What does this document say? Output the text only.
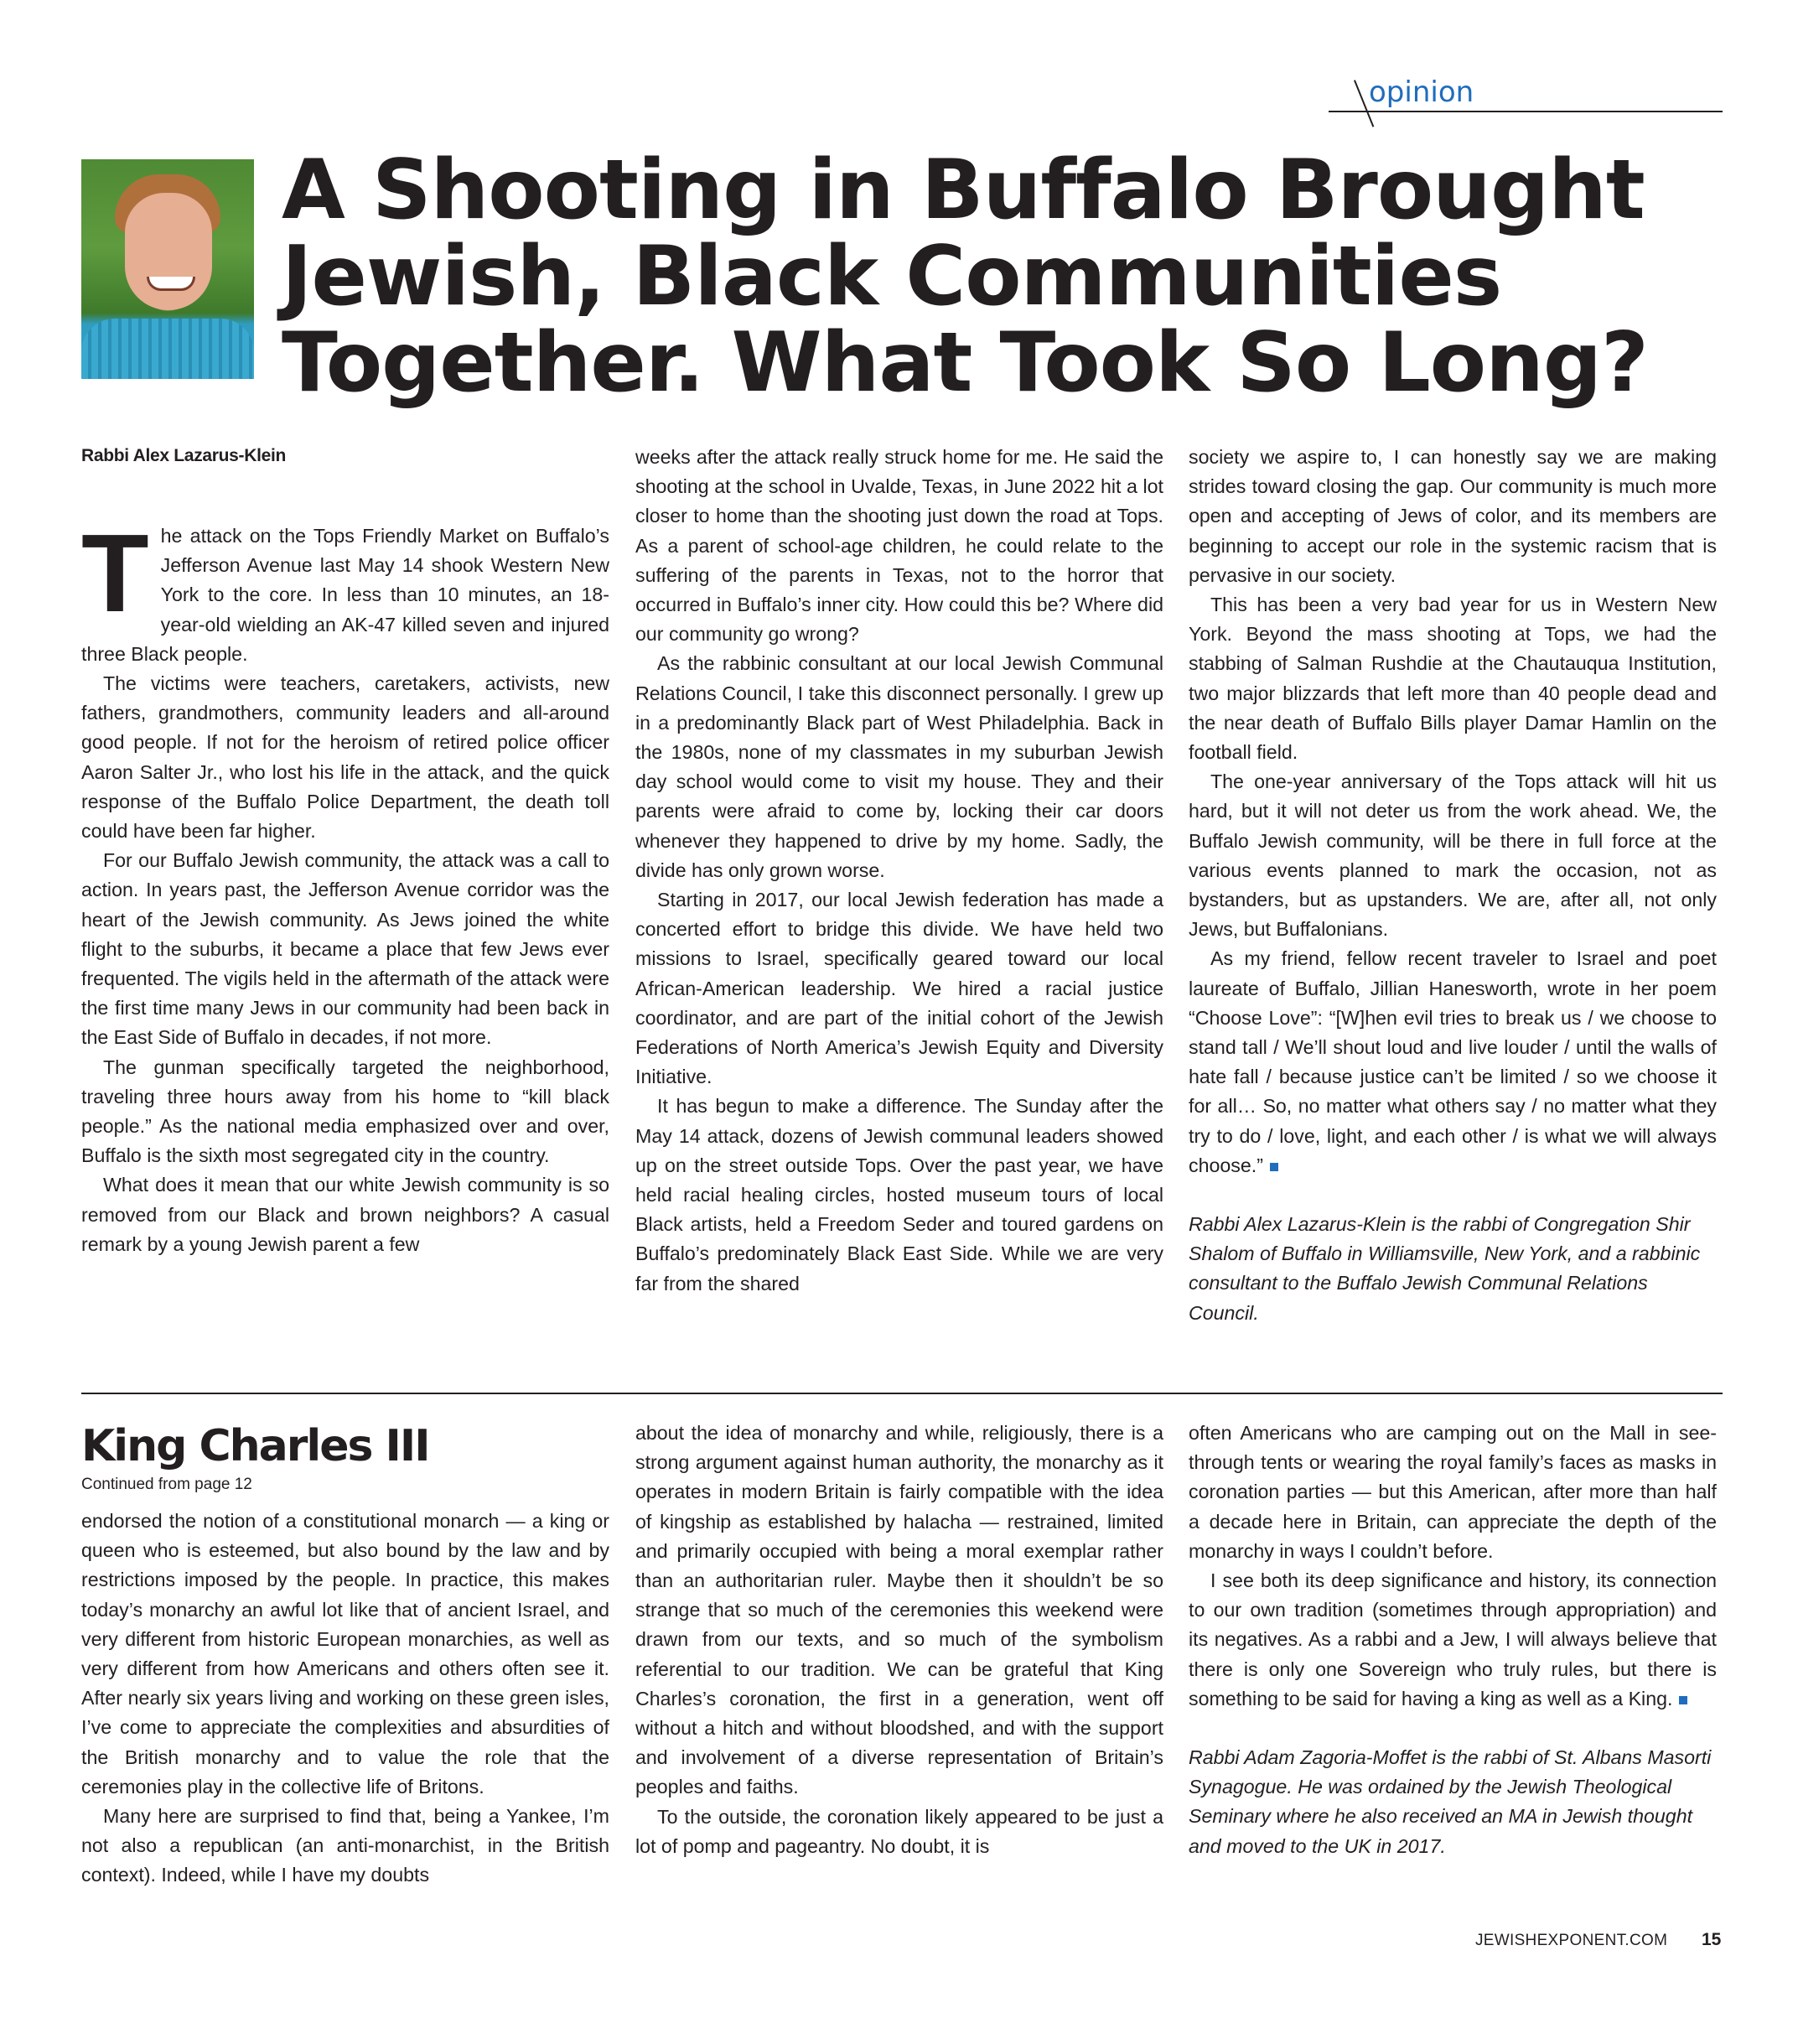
opinion
A Shooting in Buffalo Brought Jewish, Black Communities Together. What Took So Long?
Rabbi Alex Lazarus-Klein

The attack on the Tops Friendly Market on Buffalo’s Jefferson Avenue last May 14 shook Western New York to the core. In less than 10 minutes, an 18-year-old wielding an AK-47 killed seven and injured three Black people.

The victims were teachers, caretakers, activists, new fathers, grandmothers, community leaders and all-around good people. If not for the heroism of retired police officer Aaron Salter Jr., who lost his life in the attack, and the quick response of the Buffalo Police Department, the death toll could have been far higher.

For our Buffalo Jewish community, the attack was a call to action. In years past, the Jefferson Avenue corridor was the heart of the Jewish community. As Jews joined the white flight to the suburbs, it became a place that few Jews ever frequented. The vigils held in the aftermath of the attack were the first time many Jews in our community had been back in the East Side of Buffalo in decades, if not more.

The gunman specifically targeted the neighborhood, traveling three hours away from his home to “kill black people.” As the national media emphasized over and over, Buffalo is the sixth most segregated city in the country.

What does it mean that our white Jewish community is so removed from our Black and brown neighbors? A casual remark by a young Jewish parent a few

weeks after the attack really struck home for me. He said the shooting at the school in Uvalde, Texas, in June 2022 hit a lot closer to home than the shooting just down the road at Tops. As a parent of school-age children, he could relate to the suffering of the parents in Texas, not to the horror that occurred in Buffalo’s inner city. How could this be? Where did our community go wrong?

As the rabbinic consultant at our local Jewish Communal Relations Council, I take this disconnect personally. I grew up in a predominantly Black part of West Philadelphia. Back in the 1980s, none of my classmates in my suburban Jewish day school would come to visit my house. They and their parents were afraid to come by, locking their car doors whenever they happened to drive by my home. Sadly, the divide has only grown worse.

Starting in 2017, our local Jewish federation has made a concerted effort to bridge this divide. We have held two missions to Israel, specifically geared toward our local African-American leadership. We hired a racial justice coordinator, and are part of the initial cohort of the Jewish Federations of North America’s Jewish Equity and Diversity Initiative.

It has begun to make a difference. The Sunday after the May 14 attack, dozens of Jewish communal leaders showed up on the street outside Tops. Over the past year, we have held racial healing circles, hosted museum tours of local Black artists, held a Freedom Seder and toured gardens on Buffalo’s predominately Black East Side. While we are very far from the shared

society we aspire to, I can honestly say we are making strides toward closing the gap. Our community is much more open and accepting of Jews of color, and its members are beginning to accept our role in the systemic racism that is pervasive in our society.

This has been a very bad year for us in Western New York. Beyond the mass shooting at Tops, we had the stabbing of Salman Rushdie at the Chautauqua Institution, two major blizzards that left more than 40 people dead and the near death of Buffalo Bills player Damar Hamlin on the football field.

The one-year anniversary of the Tops attack will hit us hard, but it will not deter us from the work ahead. We, the Buffalo Jewish community, will be there in full force at the various events planned to mark the occasion, not as bystanders, but as upstanders. We are, after all, not only Jews, but Buffalonians.

As my friend, fellow recent traveler to Israel and poet laureate of Buffalo, Jillian Hanesworth, wrote in her poem “Choose Love”: “[W]hen evil tries to break us / we choose to stand tall / We’ll shout loud and live louder / until the walls of hate fall / because justice can’t be limited / so we choose it for all… So, no matter what others say / no matter what they try to do / love, light, and each other / is what we will always choose.”

Rabbi Alex Lazarus-Klein is the rabbi of Congregation Shir Shalom of Buffalo in Williamsville, New York, and a rabbinic consultant to the Buffalo Jewish Communal Relations Council.

King Charles III
Continued from page 12

endorsed the notion of a constitutional monarch — a king or queen who is esteemed, but also bound by the law and by restrictions imposed by the people. In practice, this makes today’s monarchy an awful lot like that of ancient Israel, and very different from historic European monarchies, as well as very different from how Americans and others often see it. After nearly six years living and working on these green isles, I’ve come to appreciate the complexities and absurdities of the British monarchy and to value the role that the ceremonies play in the collective life of Britons.

Many here are surprised to find that, being a Yankee, I’m not also a republican (an anti-monarchist, in the British context). Indeed, while I have my doubts

about the idea of monarchy and while, religiously, there is a strong argument against human authority, the monarchy as it operates in modern Britain is fairly compatible with the idea of kingship as established by halacha — restrained, limited and primarily occupied with being a moral exemplar rather than an authoritarian ruler. Maybe then it shouldn’t be so strange that so much of the ceremonies this weekend were drawn from our texts, and so much of the symbolism referential to our tradition. We can be grateful that King Charles’s coronation, the first in a generation, went off without a hitch and without bloodshed, and with the support and involvement of a diverse representation of Britain’s peoples and faiths.

To the outside, the coronation likely appeared to be just a lot of pomp and pageantry. No doubt, it is

often Americans who are camping out on the Mall in see-through tents or wearing the royal family’s faces as masks in coronation parties — but this American, after more than half a decade here in Britain, can appreciate the depth of the monarchy in ways I couldn’t before.

I see both its deep significance and history, its connection to our own tradition (sometimes through appropriation) and its negatives. As a rabbi and a Jew, I will always believe that there is only one Sovereign who truly rules, but there is something to be said for having a king as well as a King.

Rabbi Adam Zagoria-Moffet is the rabbi of St. Albans Masorti Synagogue. He was ordained by the Jewish Theological Seminary where he also received an MA in Jewish thought and moved to the UK in 2017.

JEWISHEXPONENT.COM 15
